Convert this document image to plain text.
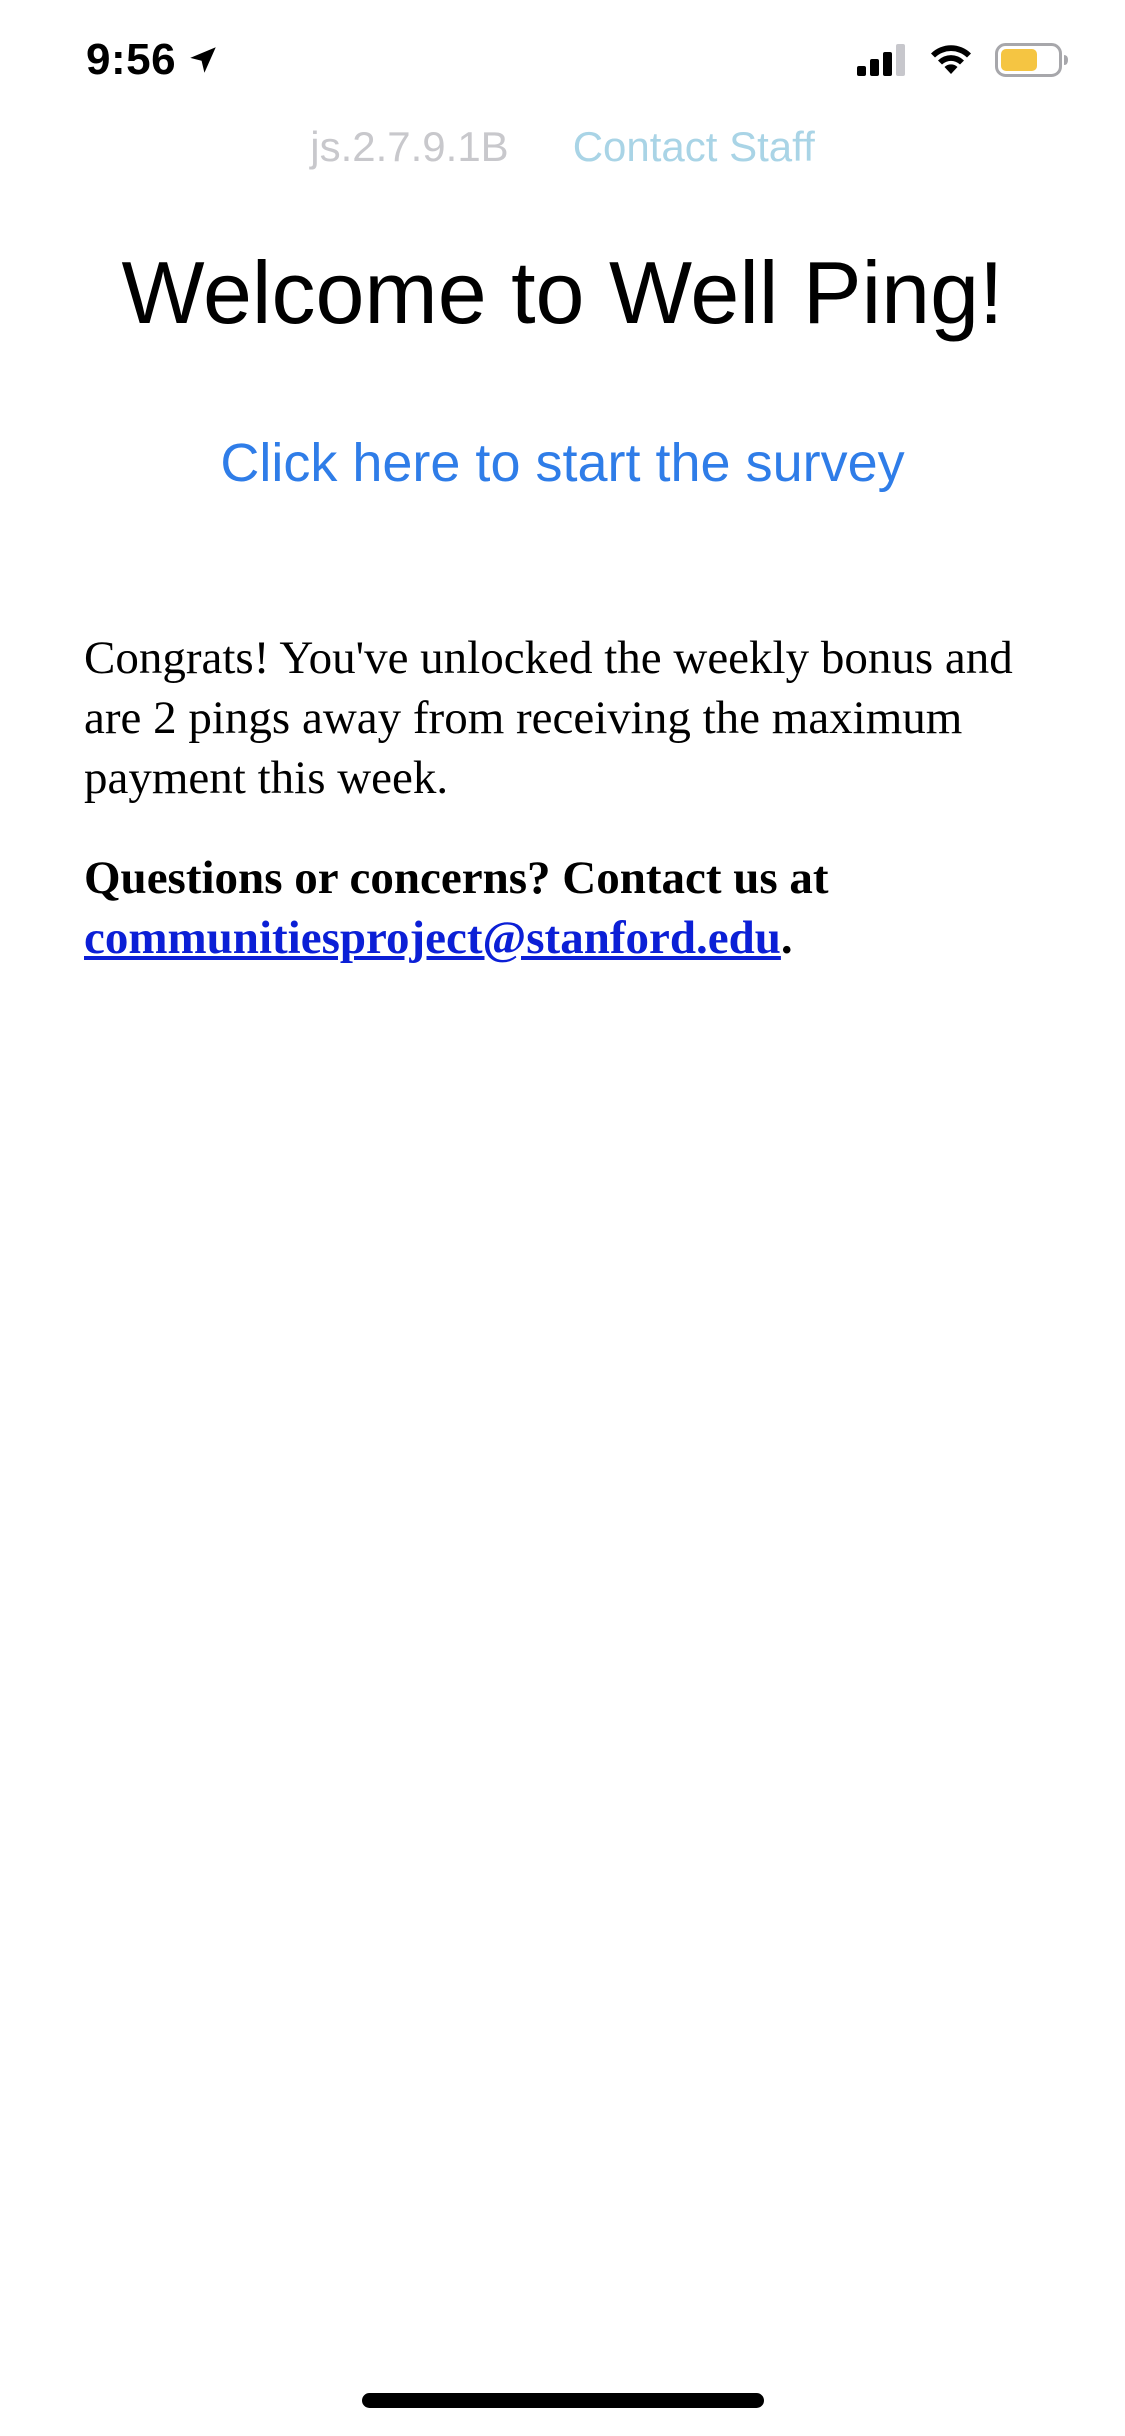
9:56
js.2.7.9.1B Contact Staff
Welcome to Well Ping!
Click here to start the survey

Congrats! You've unlocked the weekly bonus and are 2 pings away from receiving the maximum payment this week.

Questions or concerns? Contact us at communitiesproject@stanford.edu.
